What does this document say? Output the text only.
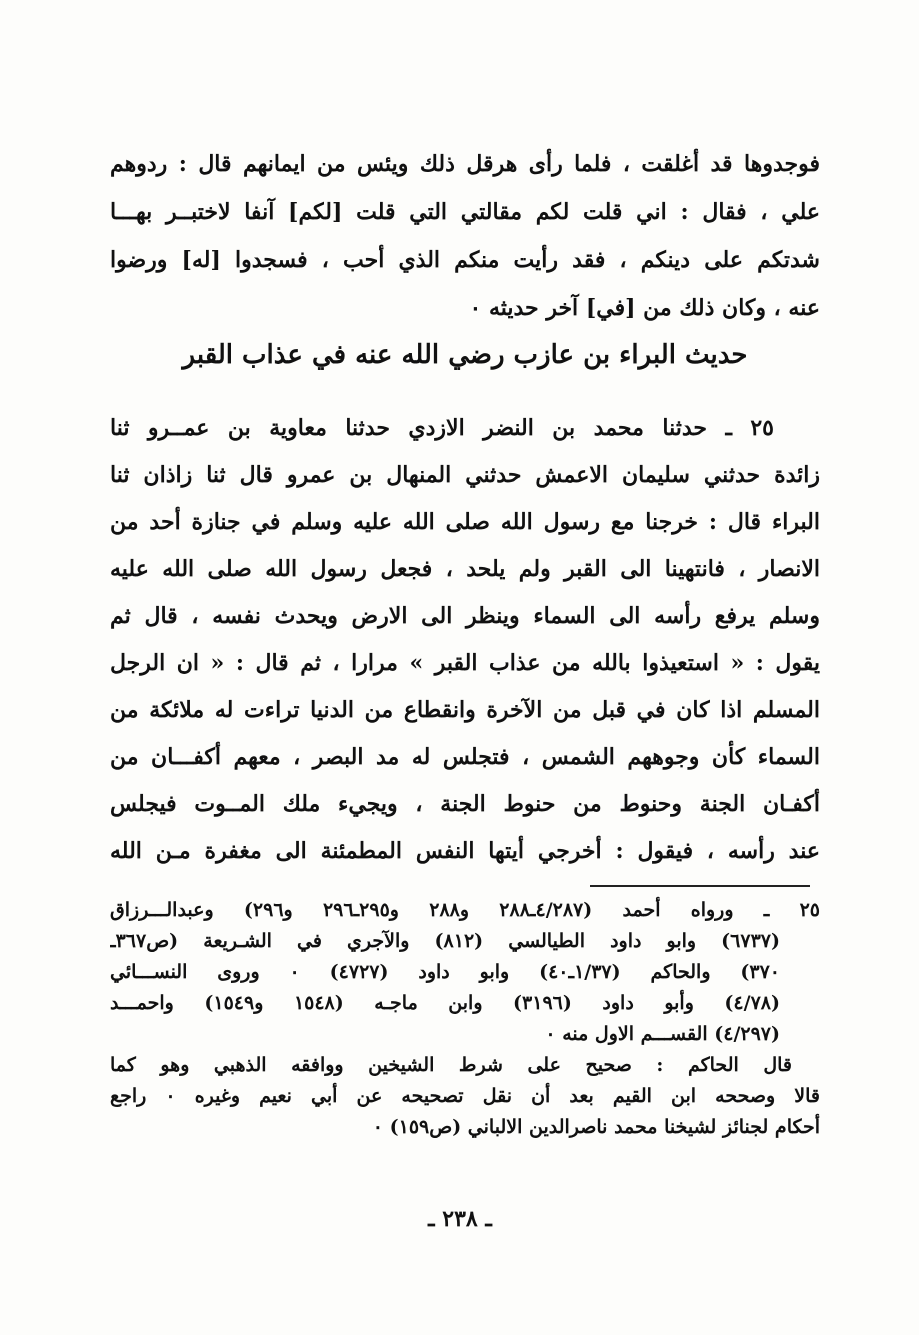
فوجدوها قد أغلقت ، فلما رأى هرقل ذلك ويئس من ايمانهم قال : ردوهم
علي ، فقال : اني قلت لكم مقالتي التي قلت [لكم] آنفا لاختبــر بهـــا
شدتكم على دينكم ، فقد رأيت منكم الذي أحب ، فسجدوا [له] ورضوا
عنه ، وكان ذلك من [في] آخر حديثه ٠
حديث البراء بن عازب رضي الله عنه في عذاب القبر
٢٥ ـ حدثنا محمد بن النضر الازدي حدثنا معاوية بن عمــرو ثنا
زائدة حدثني سليمان الاعمش حدثني المنهال بن عمرو قال ثنا زاذان ثنا
البراء قال : خرجنا مع رسول الله صلى الله عليه وسلم في جنازة أحد من
الانصار ، فانتهينا الى القبر ولم يلحد ، فجعل رسول الله صلى الله عليه
وسلم يرفع رأسه الى السماء وينظر الى الارض ويحدث نفسه ، قال ثم
يقول : « استعيذوا بالله من عذاب القبر » مرارا ، ثم قال : « ان الرجل
المسلم اذا كان في قبل من الآخرة وانقطاع من الدنيا تراءت له ملائكة من
السماء كأن وجوههم الشمس ، فتجلس له مد البصر ، معهم أكفـــان من
أكفـان الجنة وحنوط من حنوط الجنة ، ويجيء ملك المــوت فيجلس
عند رأسه ، فيقول : أخرجي أيتها النفس المطمئنة الى مغفرة مـن الله
٢٥ ـ ورواه أحمد (٤/٢٨٧ـ٢٨٨ و٢٨٨ و٢٩٥ـ٢٩٦ و٢٩٦) وعبدالـــرزاق
(٦٧٣٧) وابو داود الطيالسي (٨١٢) والآجري في الشـريعة (ص٣٦٧ـ
٣٧٠) والحاكم (١/٣٧ـ٤٠) وابو داود (٤٧٢٧) ٠ وروى النســـائي
(٤/٧٨) وأبو داود (٣١٩٦) وابن ماجـه (١٥٤٨ و١٥٤٩) واحمـــد
(٤/٢٩٧) القســـم الاول منه ٠
قال الحاكم : صحيح على شرط الشيخين ووافقه الذهبي وهو كما
قالا وصححه ابن القيم بعد أن نقل تصحيحه عن أبي نعيم وغيره ٠ راجع
أحكام لجنائز لشيخنا محمد ناصرالدين الالباني (ص١٥٩) ٠
ـ ٢٣٨ ـ
